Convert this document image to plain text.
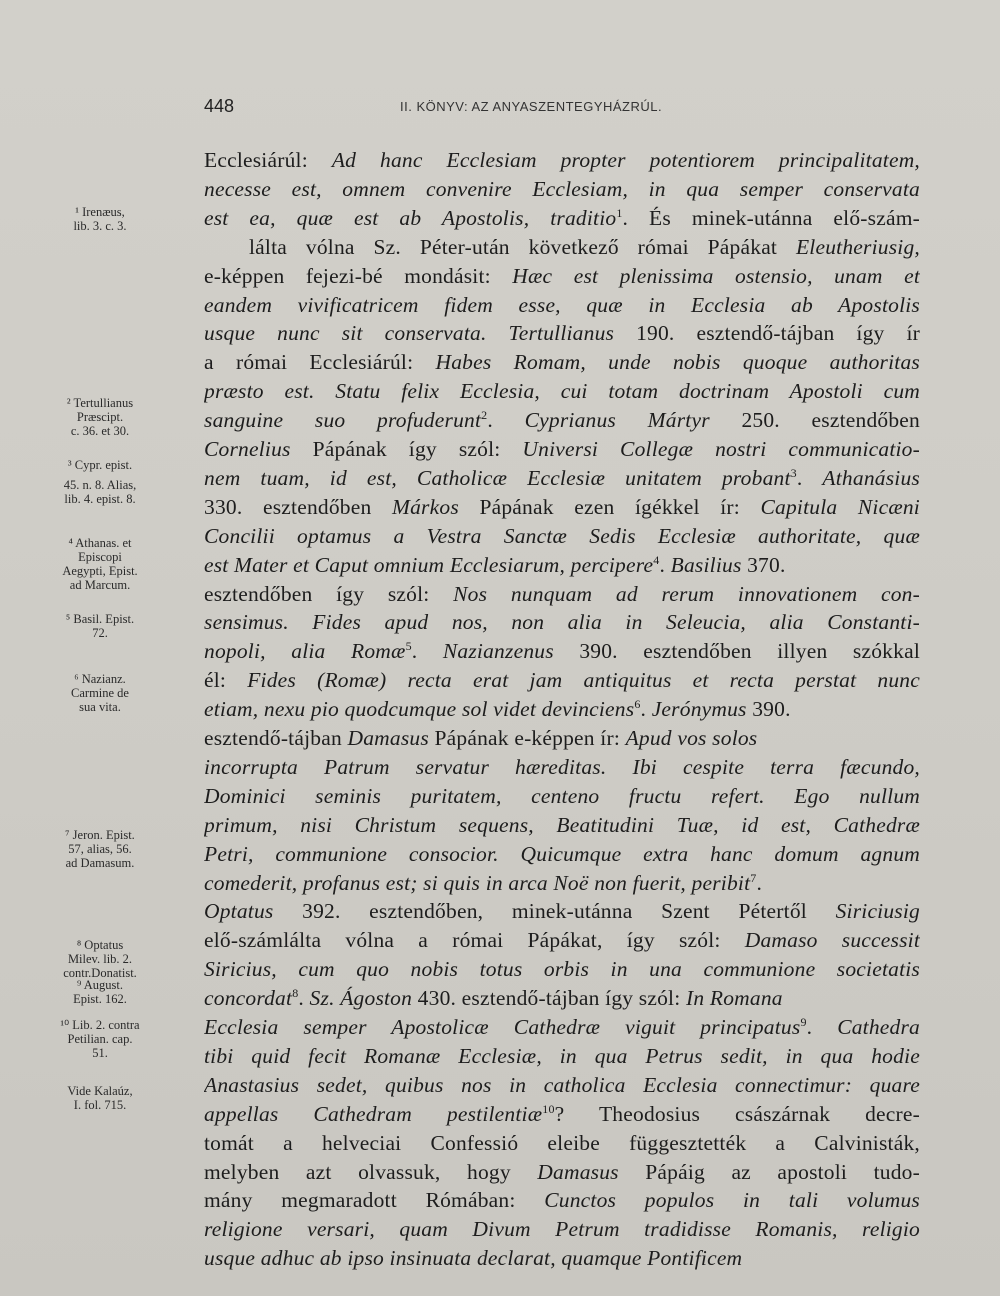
448	II. KÖNYV: AZ ANYASZENTEGYHÁZRÚL.
¹ Irenæus,
lib. 3. c. 3.
² Tertullianus
Præscipt.
c. 36. et 30.
³ Cypr. epist.
45. n. 8. Alias,
lib. 4. epist. 8.
⁴ Athanas. et
Episcopi
Aegypti, Epist.
ad Marcum.
⁵ Basil. Epist.
72.
⁶ Nazianz.
Carmine de
sua vita.
⁷ Jeron. Epist.
57, alias, 56.
ad Damasum.
⁸ Optatus
Milev. lib. 2.
contr.Donatist.
⁹ August.
Epist. 162.
¹⁰ Lib. 2. contra
Petilian. cap.
51.
Vide Kalaúz,
I. fol. 715.
Ecclesiárúl: Ad hanc Ecclesiam propter potentiorem principalitatem,
necesse est, omnem convenire Ecclesiam, in qua semper conservata
est ea, quæ est ab Apostolis, traditio$^1$. És minek-utánna elő-szám-
lálta vólna Sz. Péter-után következő római Pápákat Eleutheriusig,
e-képpen fejezi-bé mondásit: Hæc est plenissima ostensio, unam et
eandem vivificatricem fidem esse, quæ in Ecclesia ab Apostolis
usque nunc sit conservata. Tertullianus 190. esztendő-tájban így ír
a római Ecclesiárúl: Habes Romam, unde nobis quoque authoritas
præsto est. Statu felix Ecclesia, cui totam doctrinam Apostoli cum
sanguine suo profuderunt$^2$. Cyprianus Mártyr 250. esztendőben
Cornelius Pápának így szól: Universi Collegæ nostri communicatio-
nem tuam, id est, Catholicæ Ecclesiæ unitatem probant$^3$. Athanásius
330. esztendőben Márkos Pápának ezen ígékkel ír: Capitula Nicæni
Concilii optamus a Vestra Sanctæ Sedis Ecclesiæ authoritate, quæ
est Mater et Caput omnium Ecclesiarum, percipere$^4$. Basilius 370.
esztendőben így szól: Nos nunquam ad rerum innovationem con-
sensimus. Fides apud nos, non alia in Seleucia, alia Constanti-
nopoli, alia Romæ$^5$. Nazianzenus 390. esztendőben illyen szókkal
él: Fides (Romæ) recta erat jam antiquitus et recta perstat nunc
etiam, nexu pio quodcumque sol videt devinciens$^6$. Jerónymus 390.
esztendő-tájban Damasus Pápának e-képpen ír: Apud vos solos
incorrupta Patrum servatur hæreditas. Ibi cespite terra fæcundo,
Dominici seminis puritatem, centeno fructu refert. Ego nullum
primum, nisi Christum sequens, Beatitudini Tuæ, id est, Cathedræ
Petri, communione consocior. Quicumque extra hanc domum agnum
comederit, profanus est; si quis in arca Noë non fuerit, peribit$^7$.
Optatus 392. esztendőben, minek-utánna Szent Pétertől Siriciusig
elő-számlálta vólna a római Pápákat, így szól: Damaso successit
Siricius, cum quo nobis totus orbis in una communione societatis
concordat$^8$. Sz. Ágoston 430. esztendő-tájban így szól: In Romana
Ecclesia semper Apostolicæ Cathedræ viguit principatus$^9$. Cathedra
tibi quid fecit Romanæ Ecclesiæ, in qua Petrus sedit, in qua hodie
Anastasius sedet, quibus nos in catholica Ecclesia connectimur: quare
appellas Cathedram pestilentiæ$^{10}$? Theodosius császárnak decre-
tomát a helveciai Confessió eleibe függesztették a Calvinisták,
melyben azt olvassuk, hogy Damasus Pápáig az apostoli tudo-
mány megmaradott Rómában: Cunctos populos in tali volumus
religione versari, quam Divum Petrum tradidisse Romanis, religio
usque adhuc ab ipso insinuata declarat, quamque Pontificem
